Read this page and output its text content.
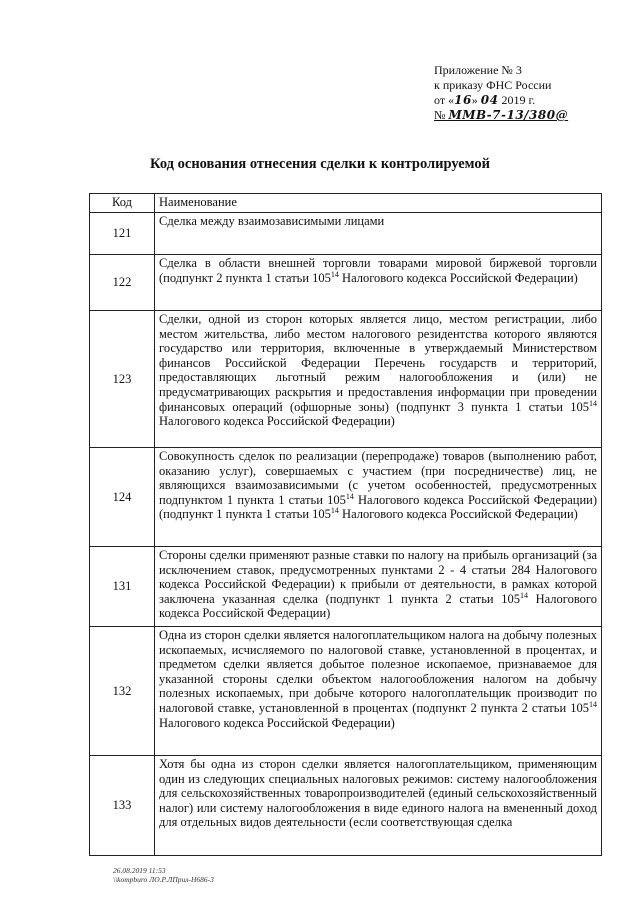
Приложение № 3
к приказу ФНС России
от «16» 04 2019 г.
№ ММВ-7-13/380@
Код основания отнесения сделки к контролируемой
Код	Наименование
121	Сделка между взаимозависимыми лицами
122	Сделка в области внешней торговли товарами мировой биржевой торговли (подпункт 2 пункта 1 статьи $105^{14}$ Налогового кодекса Российской Федерации)
123	Сделки, одной из сторон которых является лицо, местом регистрации, либо местом жительства, либо местом налогового резидентства которого являются государство или территория, включенные в утверждаемый Министерством финансов Российской Федерации Перечень государств и территорий, предоставляющих льготный режим налогообложения и (или) не предусматривающих раскрытия и предоставления информации при проведении финансовых операций (офшорные зоны) (подпункт 3 пункта 1 статьи $105^{14}$ Налогового кодекса Российской Федерации)
124	Совокупность сделок по реализации (перепродаже) товаров (выполнению работ, оказанию услуг), совершаемых с участием (при посредничестве) лиц, не являющихся взаимозависимыми (с учетом особенностей, предусмотренных подпунктом 1 пункта 1 статьи $105^{14}$ Налогового кодекса Российской Федерации) (подпункт 1 пункта 1 статьи $105^{14}$ Налогового кодекса Российской Федерации)
131	Стороны сделки применяют разные ставки по налогу на прибыль организаций (за исключением ставок, предусмотренных пунктами 2 - 4 статьи 284 Налогового кодекса Российской Федерации) к прибыли от деятельности, в рамках которой заключена указанная сделка (подпункт 1 пункта 2 статьи $105^{14}$ Налогового кодекса Российской Федерации)
132	Одна из сторон сделки является налогоплательщиком налога на добычу полезных ископаемых, исчисляемого по налоговой ставке, установленной в процентах, и предметом сделки является добытое полезное ископаемое, признаваемое для указанной стороны сделки объектом налогообложения налогом на добычу полезных ископаемых, при добыче которого налогоплательщик производит по налоговой ставке, установленной в процентах (подпункт 2 пункта 2 статьи $105^{14}$ Налогового кодекса Российской Федерации)
133	Хотя бы одна из сторон сделки является налогоплательщиком, применяющим один из следующих специальных налоговых режимов: систему налогообложения для сельскохозяйственных товаропроизводителей (единый сельскохозяйственный налог) или систему налогообложения в виде единого налога на вмененный доход для отдельных видов деятельности (если соответствующая сделка
26.08.2019 11:53
\\kompburo ЛО.Р.ЛПрил-Н686-3
